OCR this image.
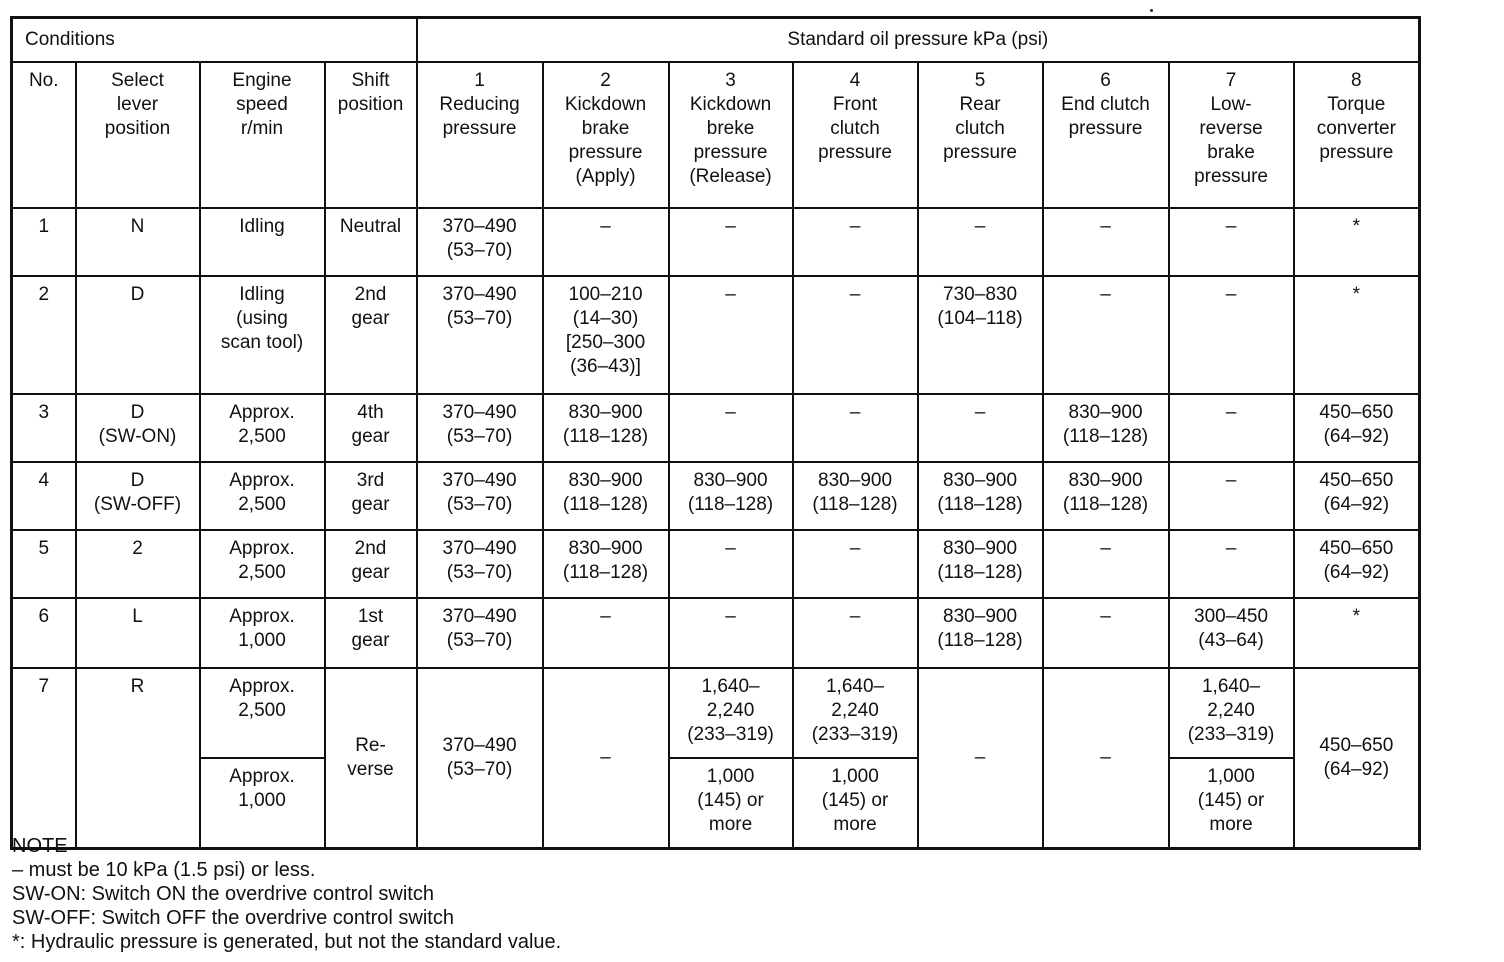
Conditions				Standard oil pressure kPa (psi)							

No.	Select
lever
position	Engine
speed
r/min	Shift
position	1
Reducing
pressure	2
Kickdown
brake
pressure
(Apply)	3
Kickdown
breke
pressure
(Release)	4
Front
clutch
pressure	5
Rear
clutch
pressure	6
End clutch
pressure	7
Low-
reverse
brake
pressure	8
Torque
converter
pressure

1	N	Idling	Neutral	370–490
(53–70)	–	–	–	–	–	–	*

2	D	Idling
(using
scan tool)	2nd
gear	370–490
(53–70)	100–210
(14–30)
[250–300
(36–43)]	–	–	730–830
(104–118)	–	–	*

3	D
(SW-ON)	Approx.
2,500	4th
gear	370–490
(53–70)	830–900
(118–128)	–	–	–	830–900
(118–128)	–	450–650
(64–92)

4	D
(SW-OFF)	Approx.
2,500	3rd
gear	370–490
(53–70)	830–900
(118–128)	830–900
(118–128)	830–900
(118–128)	830–900
(118–128)	830–900
(118–128)	–	450–650
(64–92)

5	2	Approx.
2,500	2nd
gear	370–490
(53–70)	830–900
(118–128)	–	–	830–900
(118–128)	–	–	450–650
(64–92)

6	L	Approx.
1,000	1st
gear	370–490
(53–70)	–	–	–	830–900
(118–128)	–	300–450
(43–64)	*

7	R	Approx.
2,500	Re-
verse	370–490
(53–70)	–	1,640–
2,240
(233–319)	1,640–
2,240
(233–319)	–	–	1,640–
2,240
(233–319)	450–650
(64–92)

		Approx.
1,000				1,000
(145) or
more	1,000
(145) or
more			1,000
(145) or
more	
NOTE
– must be 10 kPa (1.5 psi) or less.
SW-ON: Switch ON the overdrive control switch
SW-OFF: Switch OFF the overdrive control switch
*: Hydraulic pressure is generated, but not the standard value.
